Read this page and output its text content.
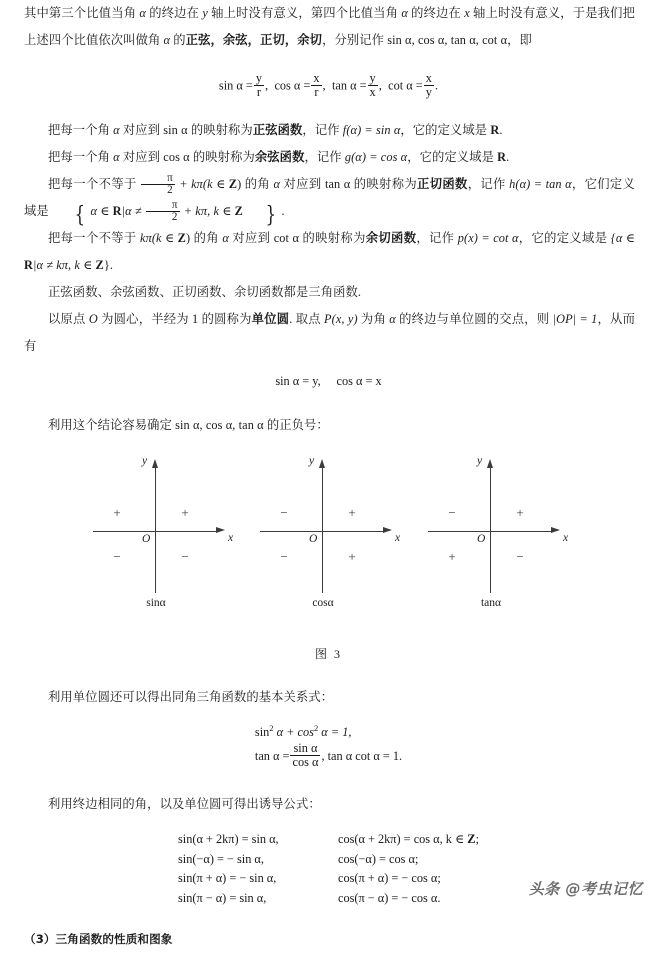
其中第三个比值当角 α 的终边在 y 轴上时没有意义，第四个比值当角 α 的终边在 x 轴上时没有意义，于是我们把上述四个比值依次叫做角 α 的正弦，余弦，正切，余切，分别记作 sin α, cos α, tan α, cot α，即

$\sin \alpha = \frac{y}{r}$ , $\cos \alpha = \frac{x}{r}$ , $\tan \alpha = \frac{y}{x}$ , $\cot \alpha = \frac{x}{y}$ .

把每一个角 α 对应到 sin α 的映射称为正弦函数，记作 f(α) = sin α，它的定义域是 R.

把每一个角 α 对应到 cos α 的映射称为余弦函数，记作 g(α) = cos α，它的定义域是 R.

把每一个不等于 $\frac{\pi}{2} + k\pi(k$ ∈ Z) 的角 α 对应到 tan α 的映射称为正切函数，记作 h(α) = tan α，它们定义域是 { α ∈ $R|\alpha \ne \frac{\pi}{2} + k\pi$, k ∈ Z } .

把每一个不等于 kπ(k ∈ Z) 的角 α 对应到 cot α 的映射称为余切函数，记作 p(x) = cot α，它的定义域是 {α ∈ R|α ≠ kπ, k ∈ Z}.

正弦函数、余弦函数、正切函数、余切函数都是三角函数.

以原点 O 为圆心，半经为 1 的圆称为单位圆. 取点 P(x, y) 为角 α 的终边与单位圆的交点，则 |OP| = 1，从而有

sin α = y, cos α = x

利用这个结论容易确定 sin α, cos α, tan α 的正负号：

y
x
O
+	+
−	−
sinα
y
x
O
−	+
−	+
cosα
y
x
O
−	+
+	−
tanα

图 3

利用单位圆还可以得出同角三角函数的基本关系式：

$\sin^2 \alpha + \cos^2 \alpha = 1$,
$\tan \alpha = \frac{\text{sin α}}{\text{cos α}}$ , tan α cot α = 1.

利用终边相同的角，以及单位圆可得出诱导公式：

sin(α + 2kπ) = sin α,	cos(α + 2kπ) = cos α, k ∈ Z;
sin(−α) = − sin α,	cos(−α) = cos α;
sin(π + α) = − sin α,	cos(π + α) = − cos α;
sin(π − α) = sin α,	cos(π − α) = − cos α.

（3）三角函数的性质和图象

头条 @考虫记忆
